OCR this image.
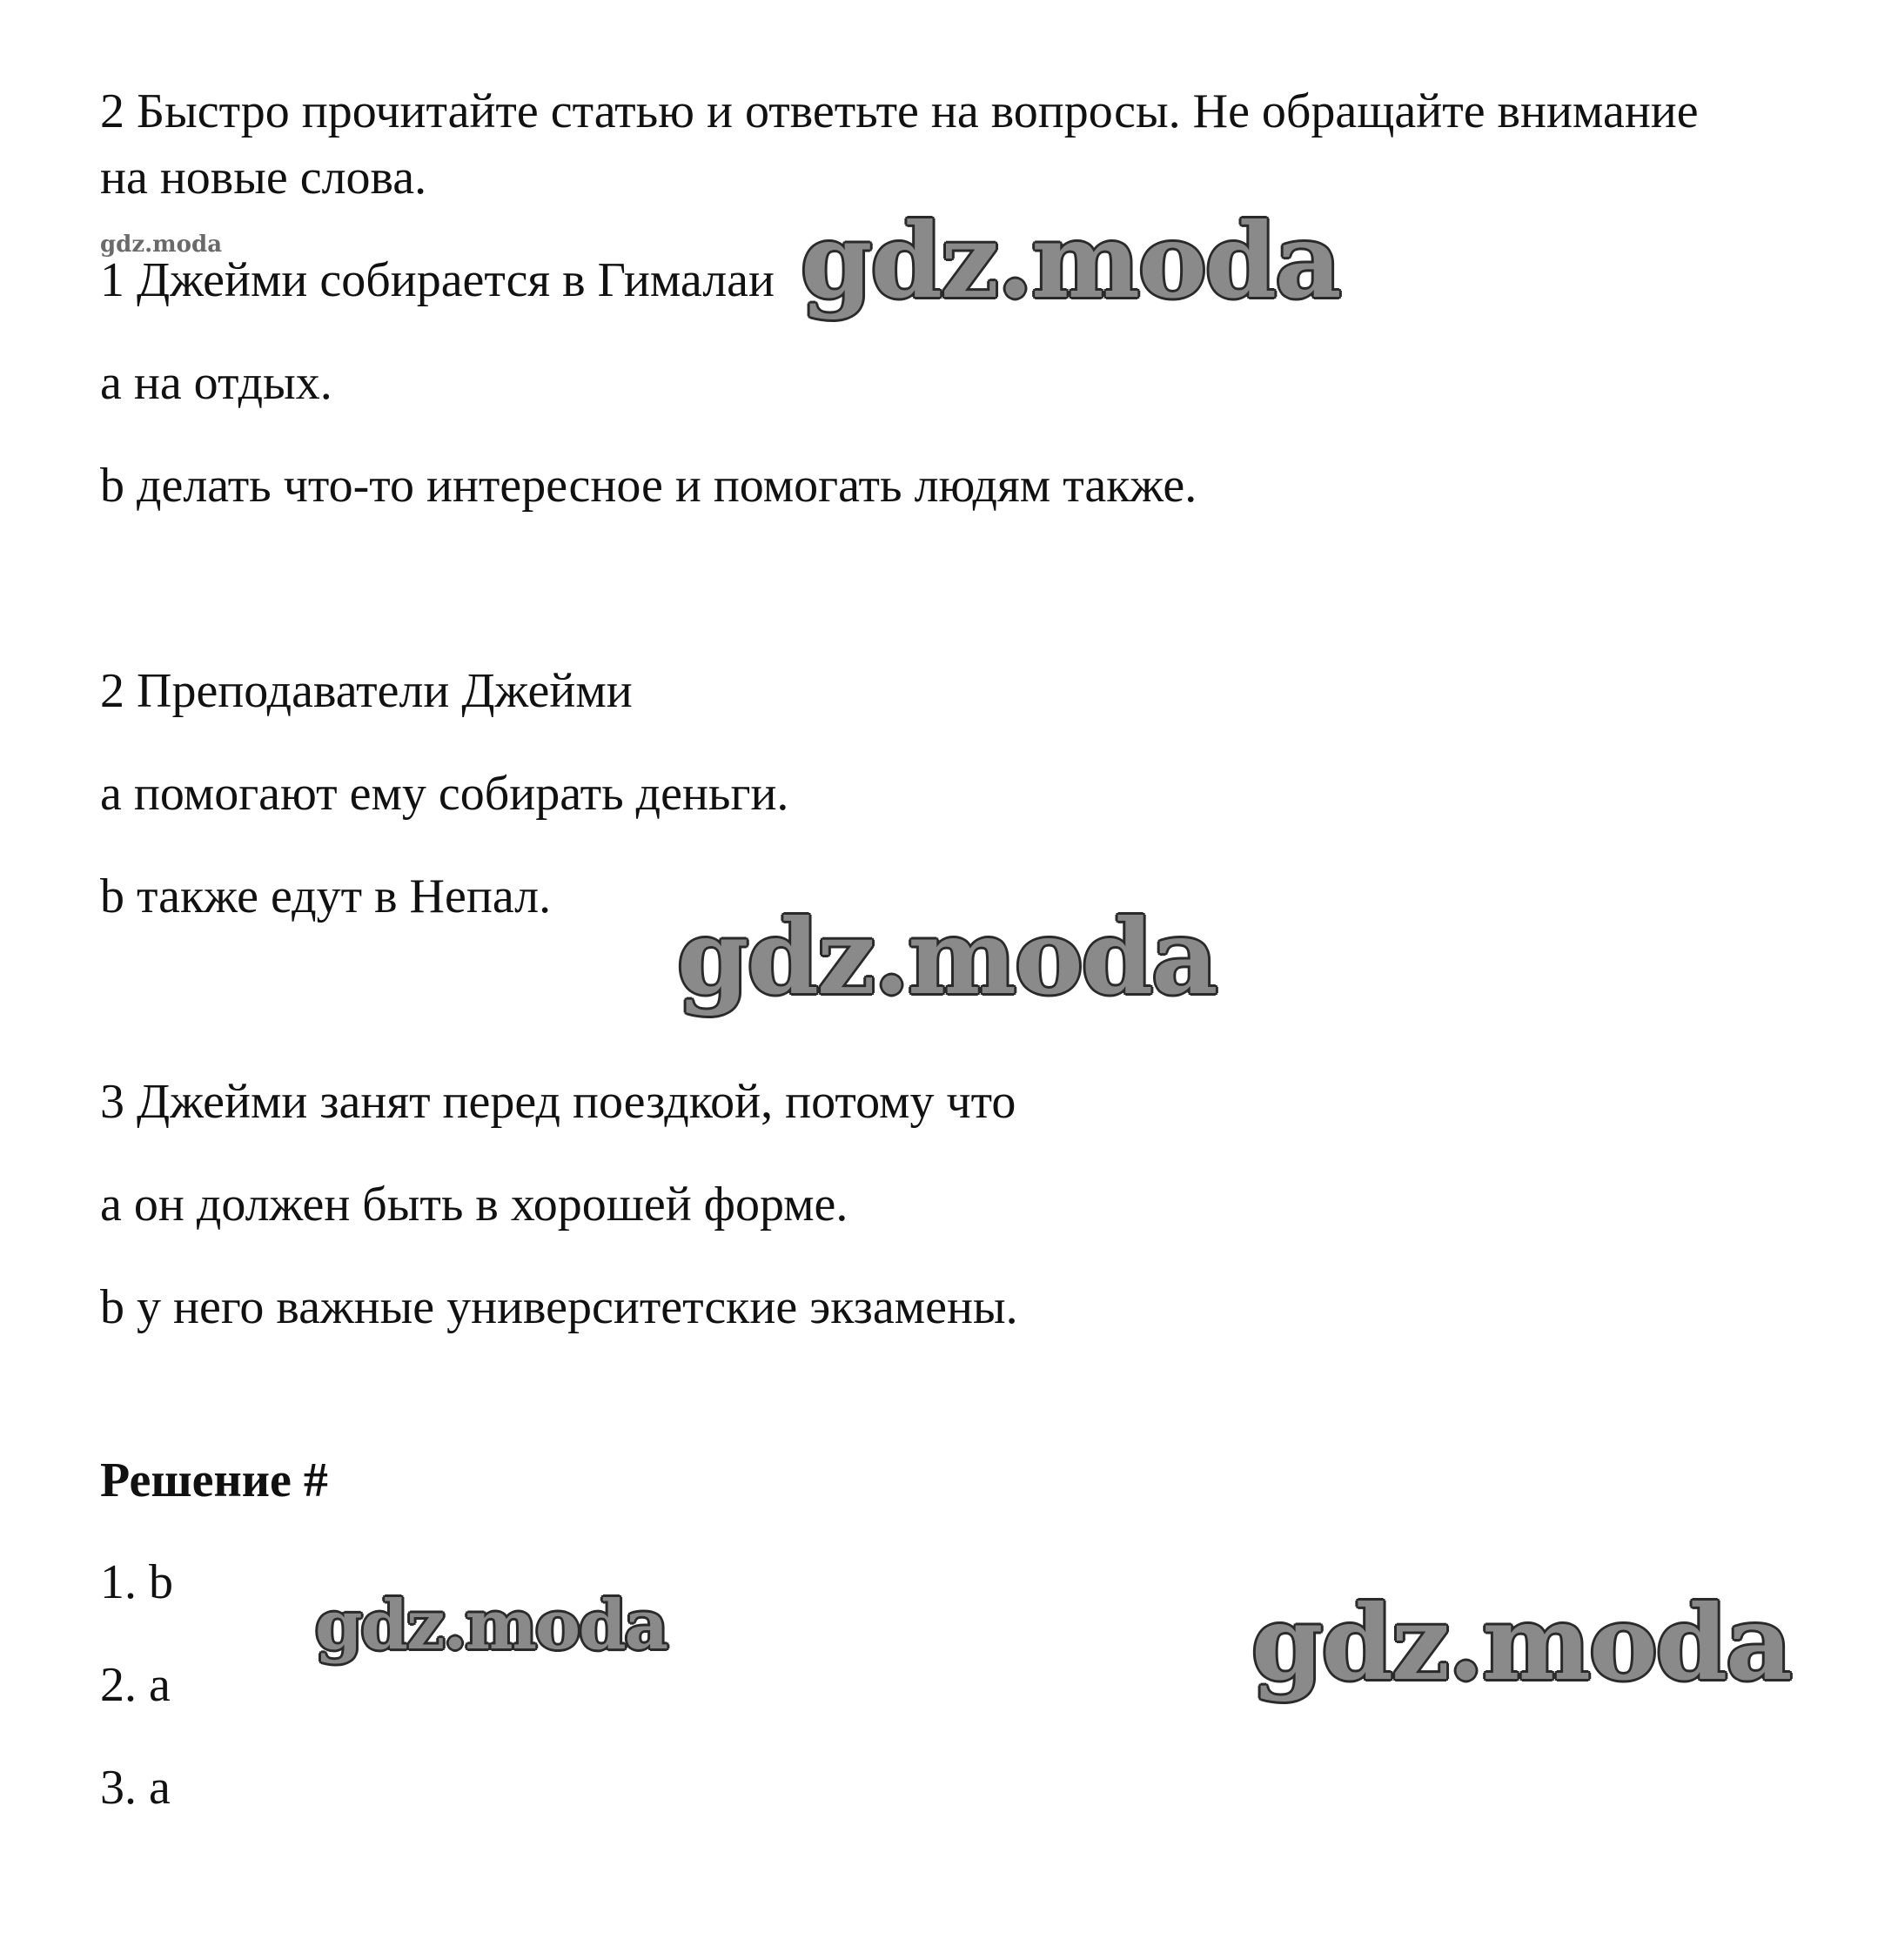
2 Быстро прочитайте статью и ответьте на вопросы. Не обращайте внимание

на новые слова.

1 Джейми собирается в Гималаи

a на отдых.

b делать что-то интересное и помогать людям также.

2 Преподаватели Джейми

a помогают ему собирать деньги.

b также едут в Непал.

3 Джейми занят перед поездкой, потому что

a он должен быть в хорошей форме.

b у него важные университетские экзамены.

Решение #

1. b

2. a

3. a

gdz.moda	gdz.moda
gdz.moda
gdz.moda	gdz.moda
